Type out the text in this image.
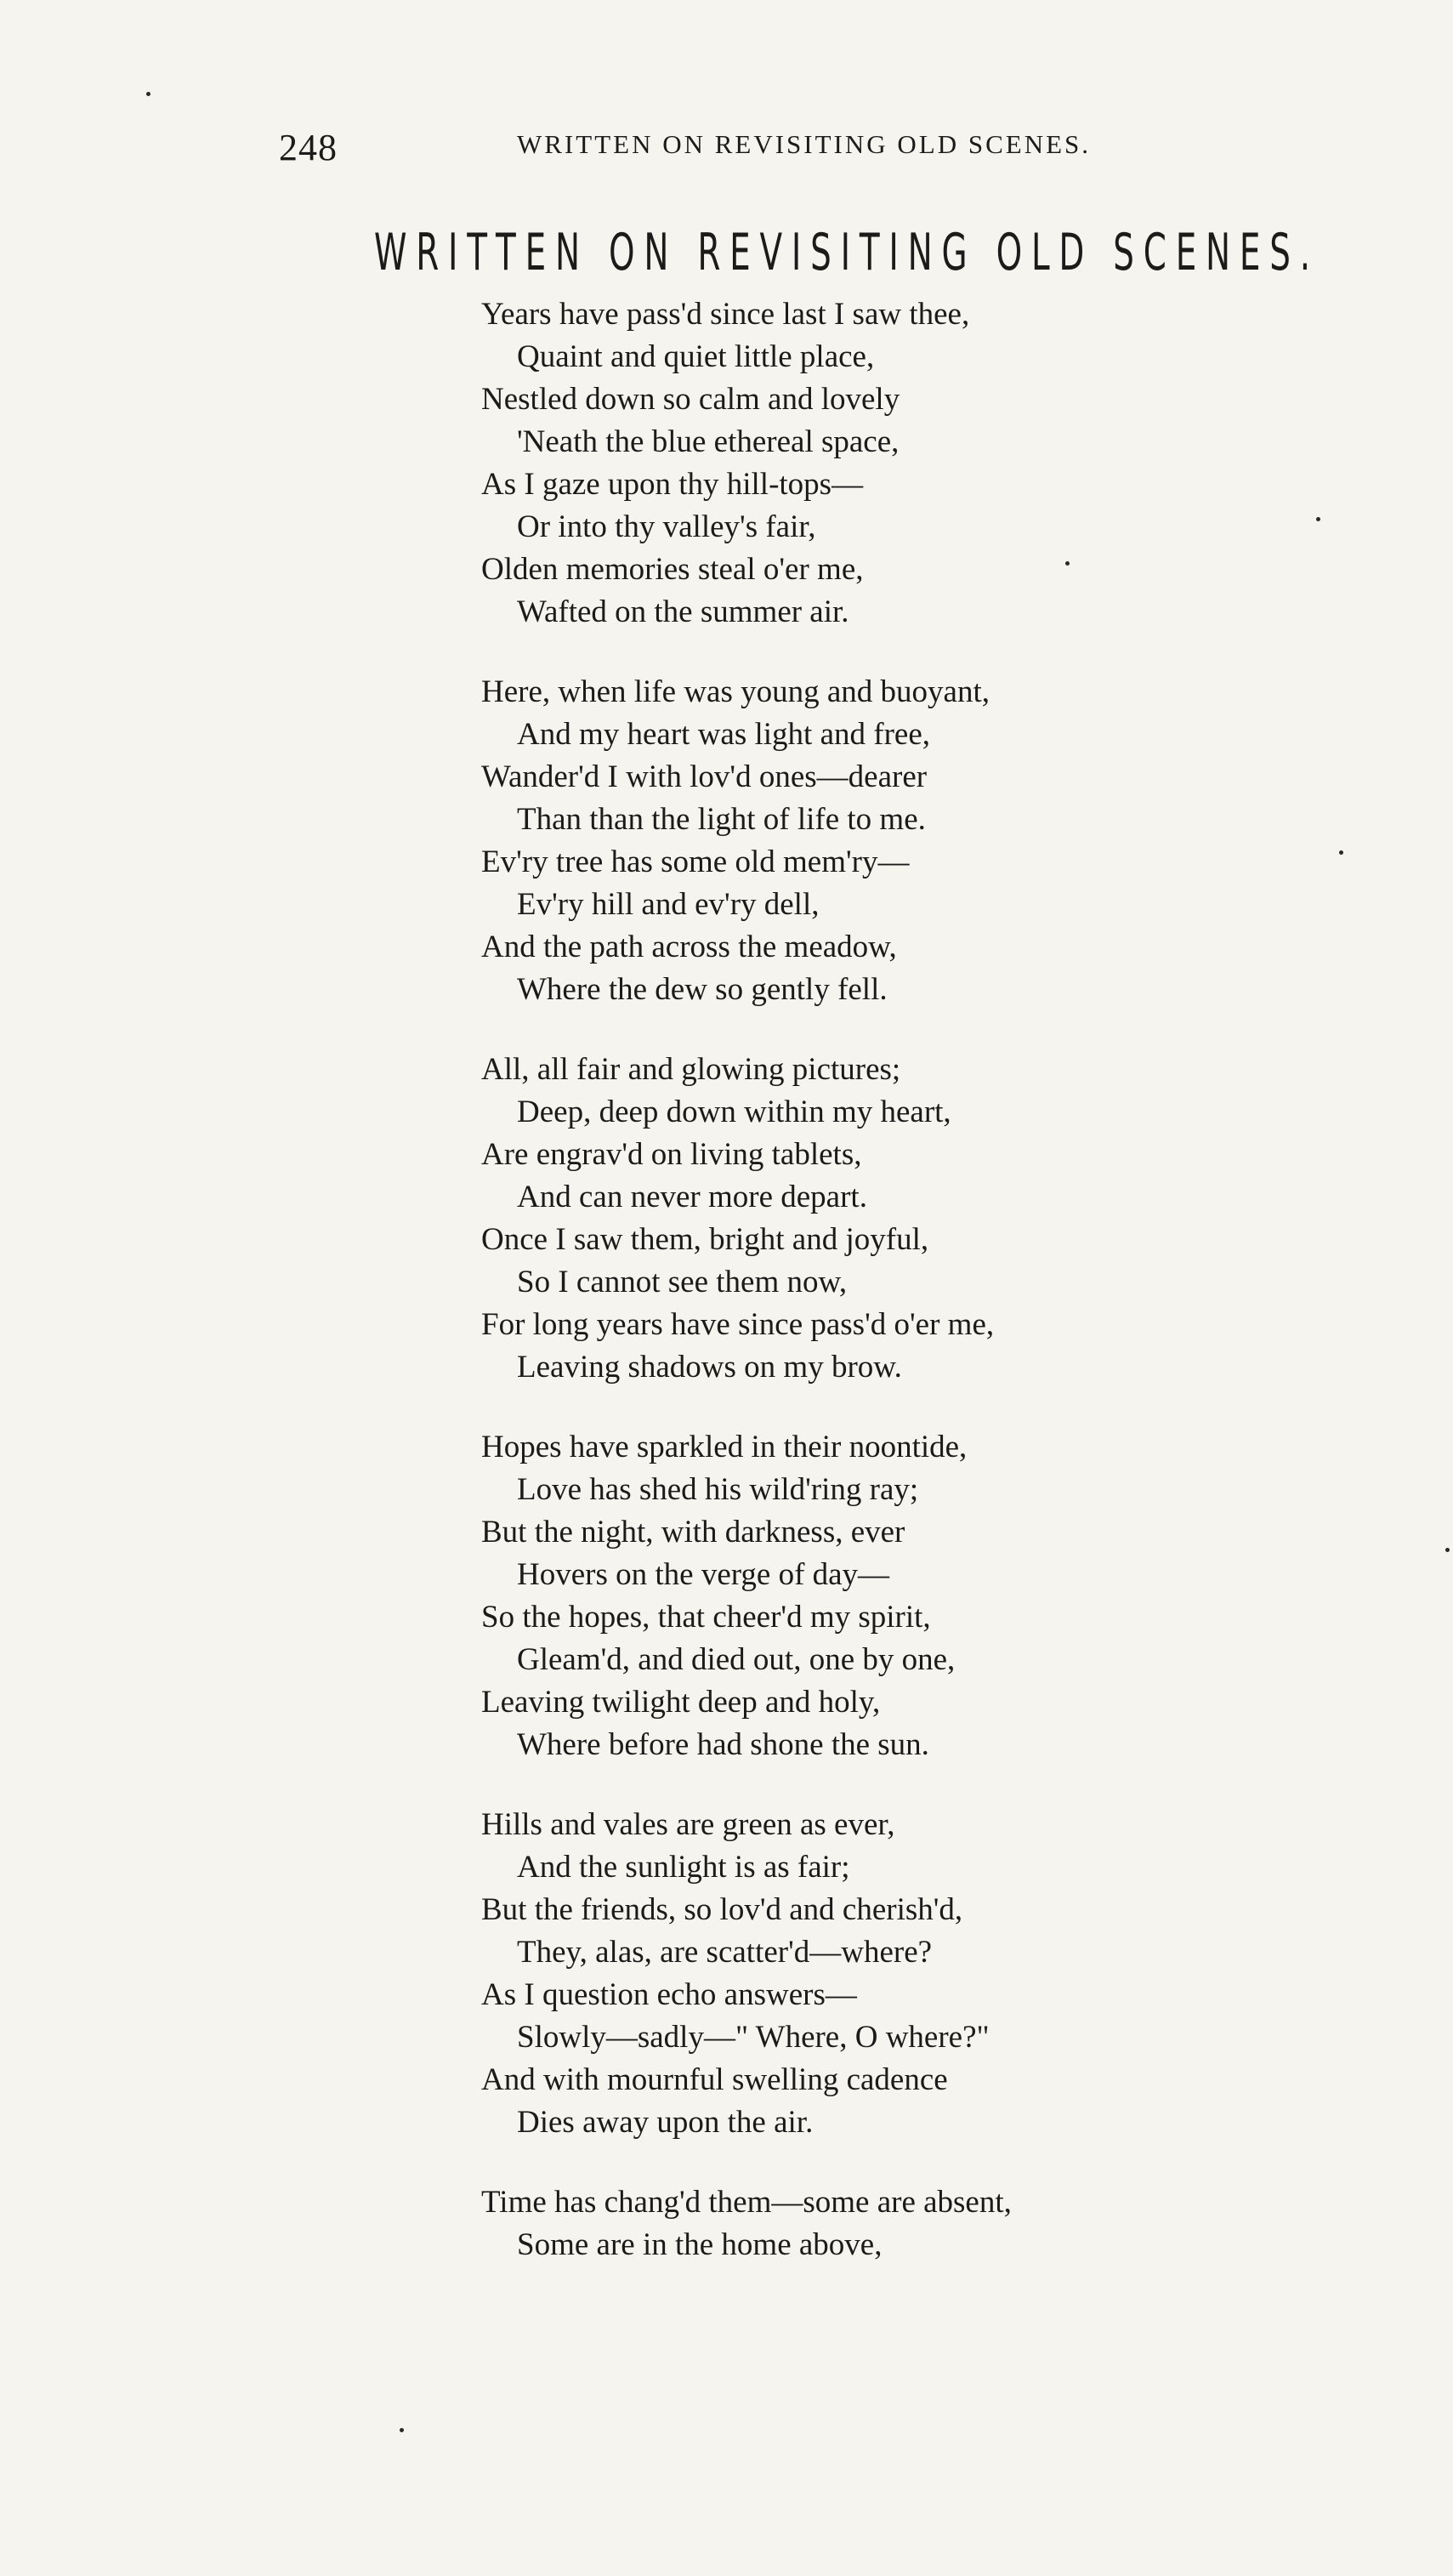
248	WRITTEN ON REVISITING OLD SCENES.
WRITTEN ON REVISITING OLD SCENES.
Years have pass'd since last I saw thee,
Quaint and quiet little place,
Nestled down so calm and lovely
'Neath the blue ethereal space,
As I gaze upon thy hill-tops—
Or into thy valley's fair,
Olden memories steal o'er me,
Wafted on the summer air.
Here, when life was young and buoyant,
And my heart was light and free,
Wander'd I with lov'd ones—dearer
Than than the light of life to me.
Ev'ry tree has some old mem'ry—
Ev'ry hill and ev'ry dell,
And the path across the meadow,
Where the dew so gently fell.
All, all fair and glowing pictures;
Deep, deep down within my heart,
Are engrav'd on living tablets,
And can never more depart.
Once I saw them, bright and joyful,
So I cannot see them now,
For long years have since pass'd o'er me,
Leaving shadows on my brow.
Hopes have sparkled in their noontide,
Love has shed his wild'ring ray;
But the night, with darkness, ever
Hovers on the verge of day—
So the hopes, that cheer'd my spirit,
Gleam'd, and died out, one by one,
Leaving twilight deep and holy,
Where before had shone the sun.
Hills and vales are green as ever,
And the sunlight is as fair;
But the friends, so lov'd and cherish'd,
They, alas, are scatter'd—where?
As I question echo answers—
Slowly—sadly—" Where, O where?"
And with mournful swelling cadence
Dies away upon the air.
Time has chang'd them—some are absent,
Some are in the home above,
